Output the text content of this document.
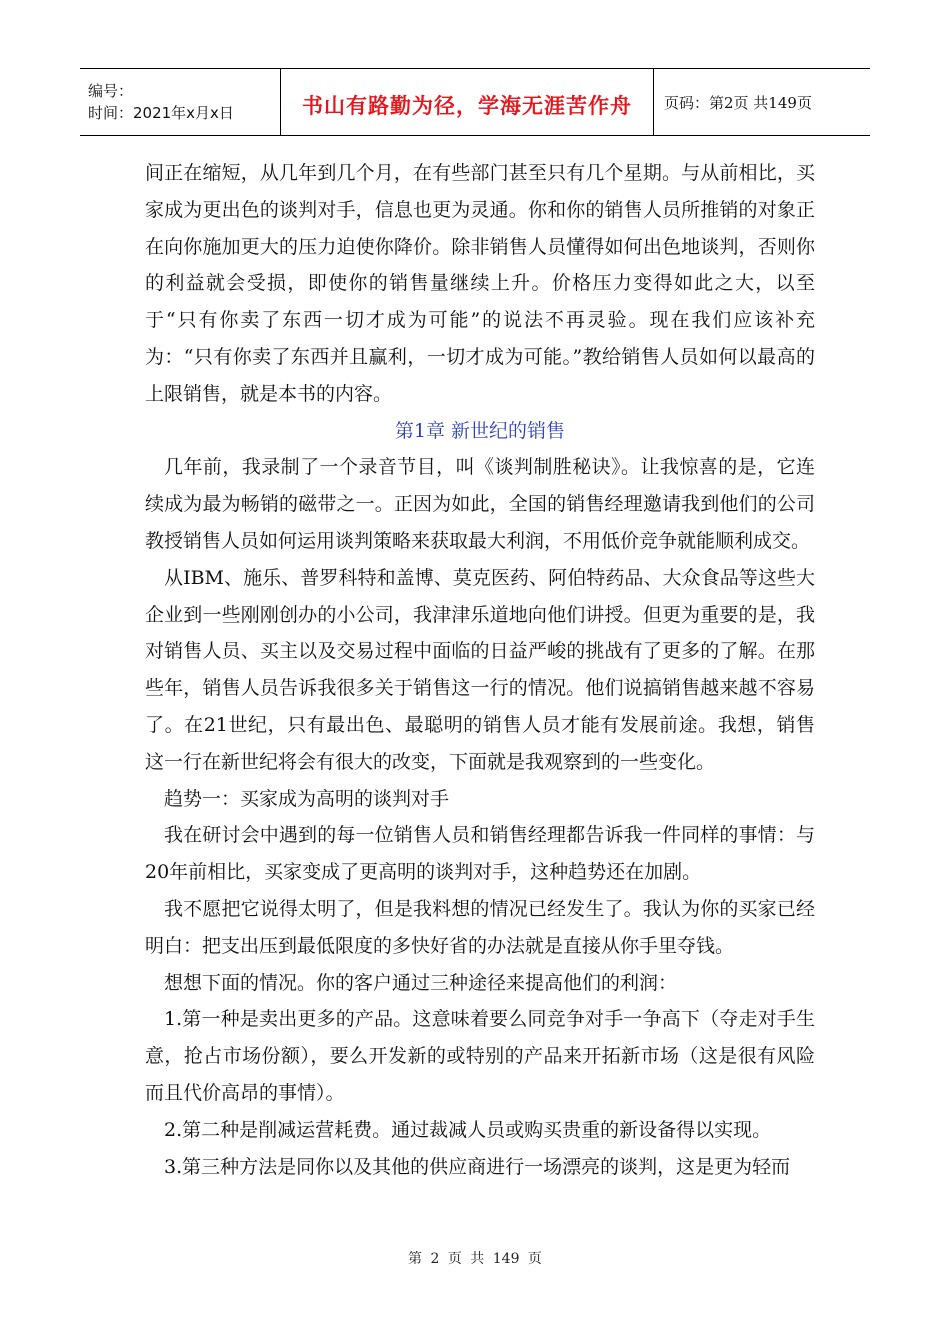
编号：
时间：2021年x月x日	书山有路勤为径，学海无涯苦作舟 页码：第2页 共149页

间正在缩短，从几年到几个月，在有些部门甚至只有几个星期。与从前相比，买家成为更出色的谈判对手，信息也更为灵通。你和你的销售人员所推销的对象正在向你施加更大的压力迫使你降价。除非销售人员懂得如何出色地谈判，否则你的利益就会受损，即使你的销售量继续上升。价格压力变得如此之大，以至于“只有你卖了东西一切才成为可能”的说法不再灵验。现在我们应该补充为：“只有你卖了东西并且赢利，一切才成为可能。”教给销售人员如何以最高的上限销售，就是本书的内容。

第1章 新世纪的销售

几年前，我录制了一个录音节目，叫《谈判制胜秘诀》。让我惊喜的是，它连续成为最为畅销的磁带之一。正因为如此，全国的销售经理邀请我到他们的公司教授销售人员如何运用谈判策略来获取最大利润，不用低价竞争就能顺利成交。

从IBM、施乐、普罗科特和盖博、莫克医药、阿伯特药品、大众食品等这些大企业到一些刚刚创办的小公司，我津津乐道地向他们讲授。但更为重要的是，我对销售人员、买主以及交易过程中面临的日益严峻的挑战有了更多的了解。在那些年，销售人员告诉我很多关于销售这一行的情况。他们说搞销售越来越不容易了。在21世纪，只有最出色、最聪明的销售人员才能有发展前途。我想，销售这一行在新世纪将会有很大的改变，下面就是我观察到的一些变化。

趋势一：买家成为高明的谈判对手

我在研讨会中遇到的每一位销售人员和销售经理都告诉我一件同样的事情：与20年前相比，买家变成了更高明的谈判对手，这种趋势还在加剧。

我不愿把它说得太明了，但是我料想的情况已经发生了。我认为你的买家已经明白：把支出压到最低限度的多快好省的办法就是直接从你手里夺钱。

想想下面的情况。你的客户通过三种途径来提高他们的利润：

1.第一种是卖出更多的产品。这意味着要么同竞争对手一争高下（夺走对手生意，抢占市场份额），要么开发新的或特别的产品来开拓新市场（这是很有风险而且代价高昂的事情）。

2.第二种是削减运营耗费。通过裁减人员或购买贵重的新设备得以实现。

3.第三种方法是同你以及其他的供应商进行一场漂亮的谈判，这是更为轻而

第 2 页 共 149 页
